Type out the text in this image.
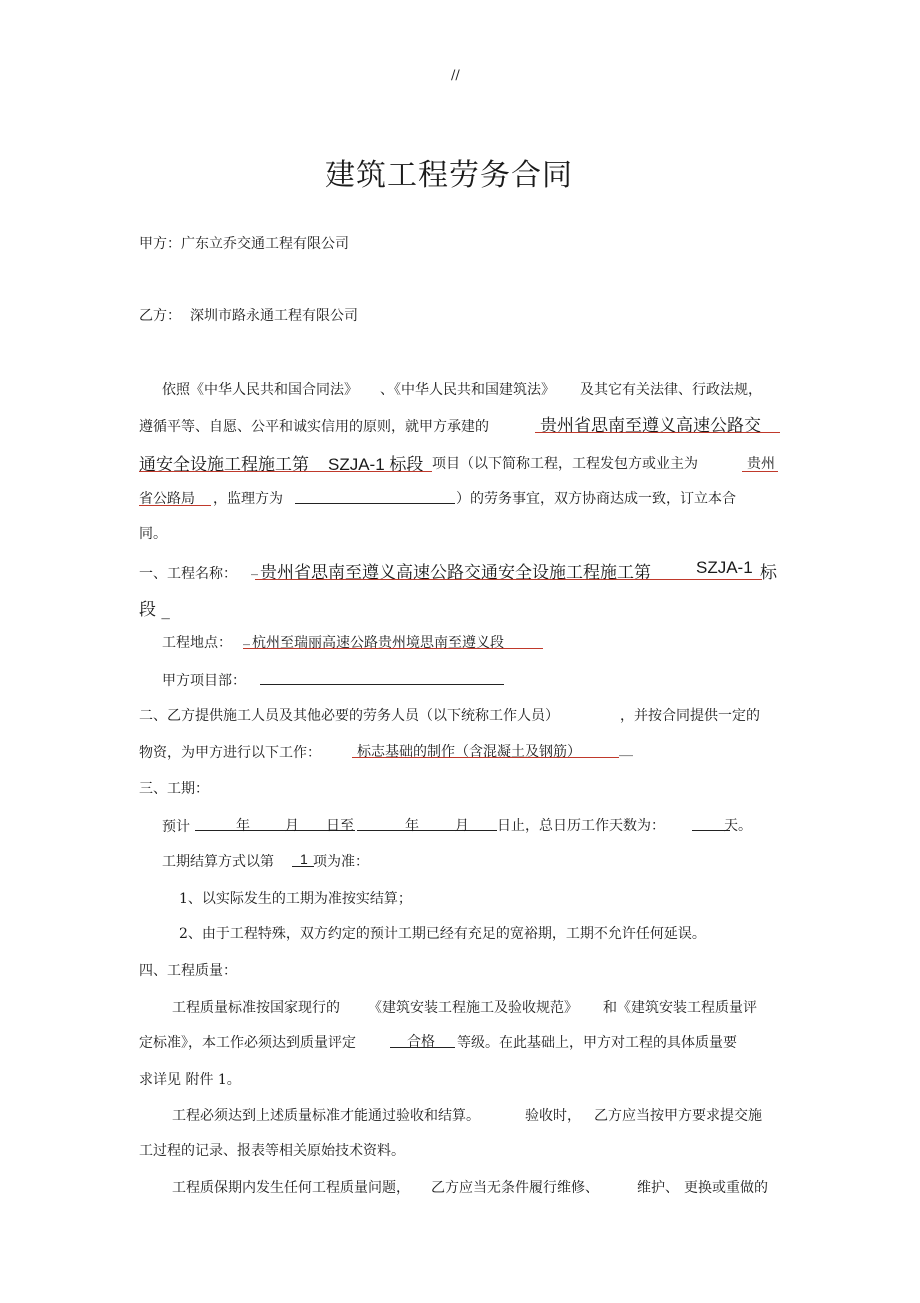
//
建筑工程劳务合同
甲方：广东立乔交通工程有限公司
乙方： 深圳市路永通工程有限公司
依照《中华人民共和国合同法》 、《中华人民共和国建筑法》 及其它有关法律、行政法规，
遵循平等、自愿、公平和诚实信用的原则，就甲方承建的	贵州省思南至遵义高速公路交
通安全设施工程施工第 SZJA-1 标段 项目（以下简称工程，工程发包方或业主为	贵州
省公路局 ，监理方为	）的劳务事宜，双方协商达成一致，订立本合
同。
一、工程名称： _ 贵州省思南至遵义高速公路交通安全设施工程施工第	SZJA-1 标
段 _
工程地点： _ 杭州至瑞丽高速公路贵州境思南至遵义段
甲方项目部：
二、乙方提供施工人员及其他必要的劳务人员（以下统称工作人员）	，并按合同提供一定的
物资，为甲方进行以下工作：	标志基础的制作（含混凝土及钢筋）	__
三、工期：
预计	年	月 日至	年	月 日止，总日历工作天数为：	天。
工期结算方式以第 1 项为准：
1、以实际发生的工期为准按实结算；
2、由于工程特殊，双方约定的预计工期已经有充足的宽裕期，工期不允许任何延误。
四、工程质量：
工程质量标准按国家现行的 《建筑安装工程施工及验收规范》 和《建筑安装工程质量评
定标准》，本工作必须达到质量评定	合格 等级。在此基础上，甲方对工程的具体质量要
求详见 附件 1。
工程必须达到上述质量标准才能通过验收和结算。	验收时， 乙方应当按甲方要求提交施
工过程的记录、报表等相关原始技术资料。
工程质保期内发生任何工程质量问题， 乙方应当无条件履行维修、	维护、 更换或重做的
